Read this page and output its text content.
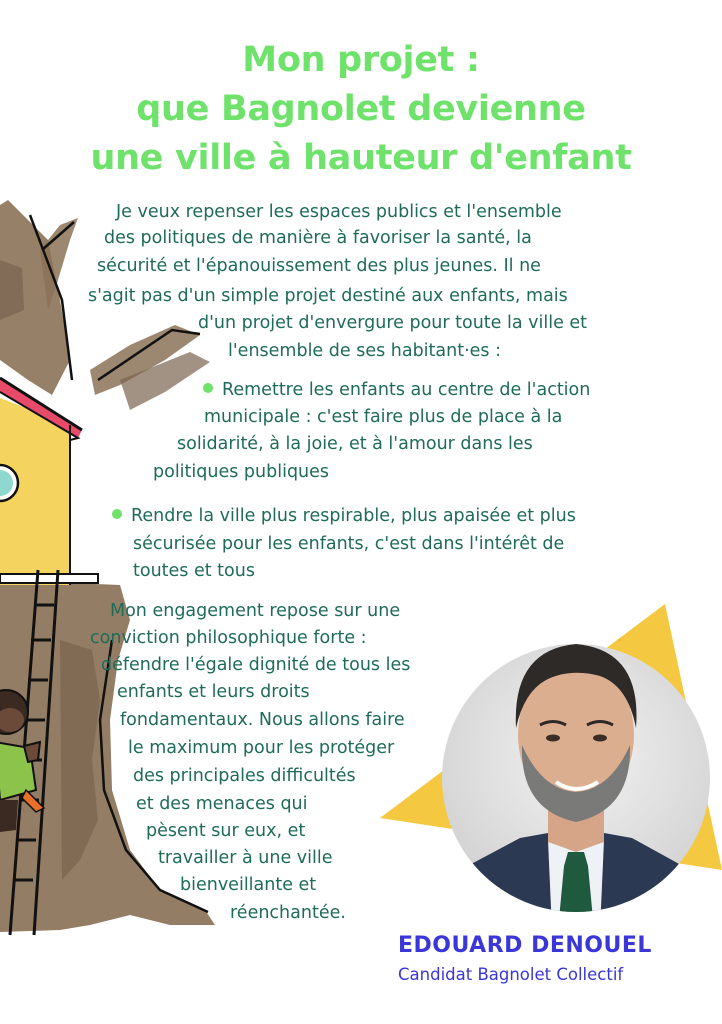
Mon projet :
que Bagnolet devienne
une ville à hauteur d'enfant
Je veux repenser les espaces publics et l'ensemble
des politiques de manière à favoriser la santé, la
sécurité et l'épanouissement des plus jeunes. Il ne
s'agit pas d'un simple projet destiné aux enfants, mais
d'un projet d'envergure pour toute la ville et
l'ensemble de ses habitant·es :
Remettre les enfants au centre de l'action
municipale : c'est faire plus de place à la
solidarité, à la joie, et à l'amour dans les
politiques publiques
Rendre la ville plus respirable, plus apaisée et plus
sécurisée pour les enfants, c'est dans l'intérêt de
toutes et tous
Mon engagement repose sur une
conviction philosophique forte :
défendre l'égale dignité de tous les
enfants et leurs droits
fondamentaux. Nous allons faire
le maximum pour les protéger
des principales difficultés
et des menaces qui
pèsent sur eux, et
travailler à une ville
bienveillante et
réenchantée.
EDOUARD DENOUEL
Candidat Bagnolet Collectif
